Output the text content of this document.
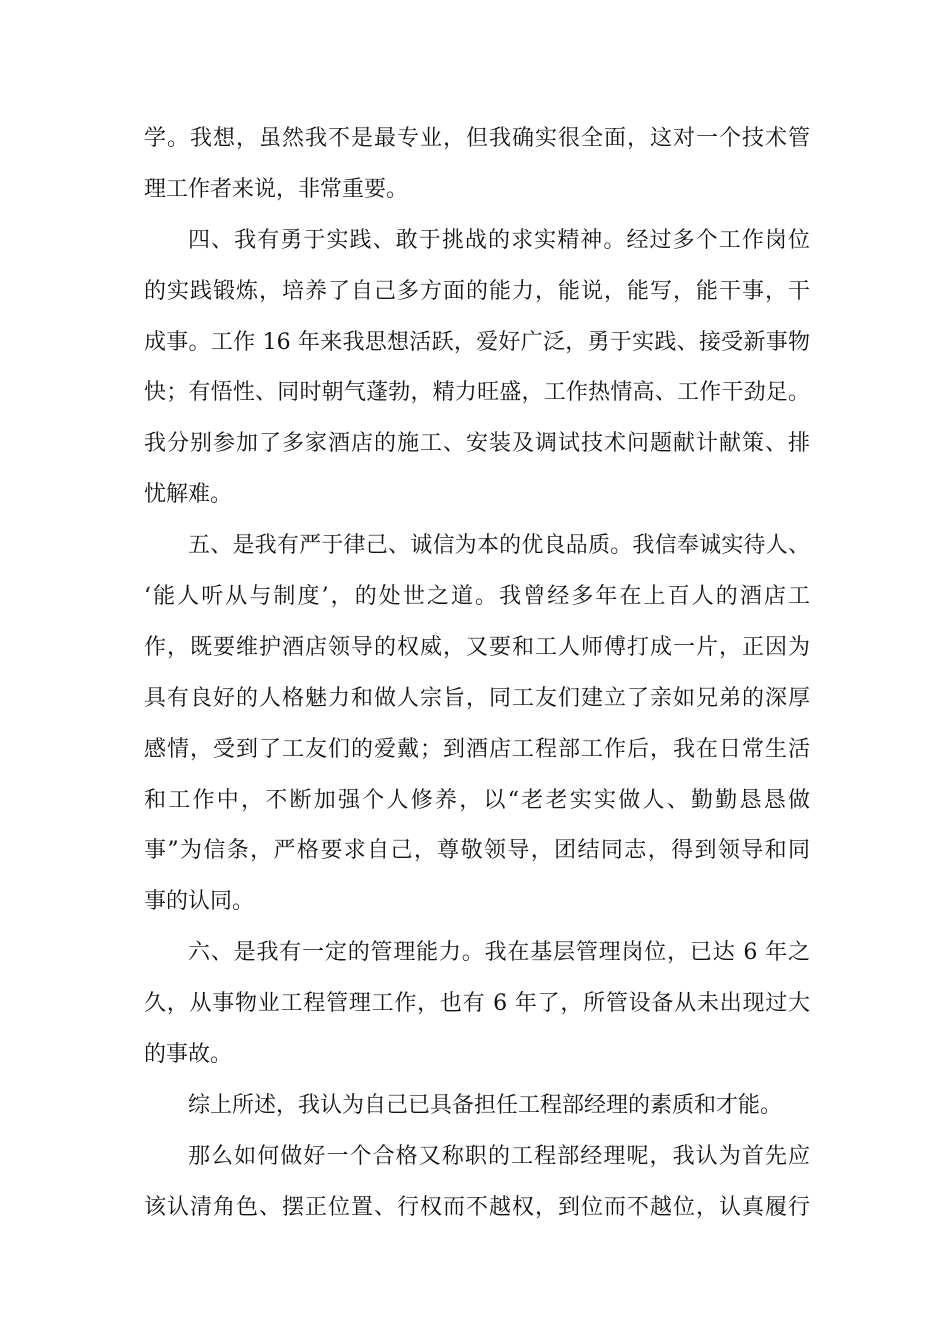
学。我想，虽然我不是最专业，但我确实很全面，这对一个技术管
理工作者来说，非常重要。
四、我有勇于实践、敢于挑战的求实精神。经过多个工作岗位
的实践锻炼，培养了自己多方面的能力，能说，能写，能干事，干
成事。工作 16 年来我思想活跃，爱好广泛，勇于实践、接受新事物
快；有悟性、同时朝气蓬勃，精力旺盛，工作热情高、工作干劲足。
我分别参加了多家酒店的施工、安装及调试技术问题献计献策、排
忧解难。
五、是我有严于律己、诚信为本的优良品质。我信奉诚实待人、
‘能人听从与制度’，的处世之道。我曾经多年在上百人的酒店工
作，既要维护酒店领导的权威，又要和工人师傅打成一片，正因为
具有良好的人格魅力和做人宗旨，同工友们建立了亲如兄弟的深厚
感情，受到了工友们的爱戴；到酒店工程部工作后，我在日常生活
和工作中，不断加强个人修养，以“老老实实做人、勤勤恳恳做
事”为信条，严格要求自己，尊敬领导，团结同志，得到领导和同
事的认同。
六、是我有一定的管理能力。我在基层管理岗位，已达 6 年之
久，从事物业工程管理工作，也有 6 年了，所管设备从未出现过大
的事故。
综上所述，我认为自己已具备担任工程部经理的素质和才能。
那么如何做好一个合格又称职的工程部经理呢，我认为首先应
该认清角色、摆正位置、行权而不越权，到位而不越位，认真履行
